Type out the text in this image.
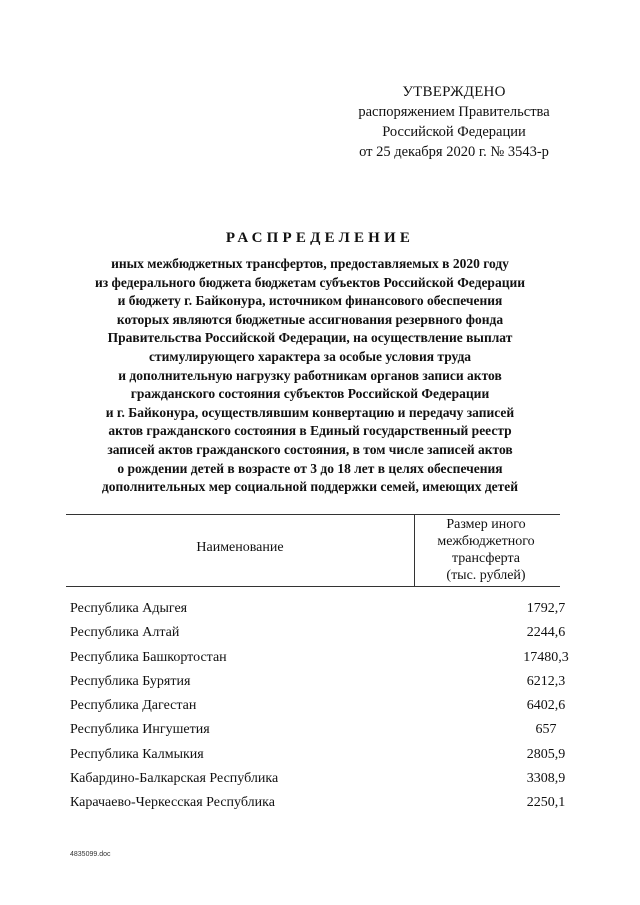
УТВЕРЖДЕНО
распоряжением Правительства
Российской Федерации
от 25 декабря 2020 г. № 3543-р
РАСПРЕДЕЛЕНИЕ
иных межбюджетных трансфертов, предоставляемых в 2020 году
из федерального бюджета бюджетам субъектов Российской Федерации
и бюджету г. Байконура, источником финансового обеспечения
которых являются бюджетные ассигнования резервного фонда
Правительства Российской Федерации, на осуществление выплат
стимулирующего характера за особые условия труда
и дополнительную нагрузку работникам органов записи актов
гражданского состояния субъектов Российской Федерации
и г. Байконура, осуществлявшим конвертацию и передачу записей
актов гражданского состояния в Единый государственный реестр
записей актов гражданского состояния, в том числе записей актов
о рождении детей в возрасте от 3 до 18 лет в целях обеспечения
дополнительных мер социальной поддержки семей, имеющих детей
Наименование
Размер иного
межбюджетного
трансферта
(тыс. рублей)
Республика Адыгея	1792,7
Республика Алтай	2244,6
Республика Башкортостан	17480,3
Республика Бурятия	6212,3
Республика Дагестан	6402,6
Республика Ингушетия	657
Республика Калмыкия	2805,9
Кабардино-Балкарская Республика	3308,9
Карачаево-Черкесская Республика	2250,1
4835099.doc
